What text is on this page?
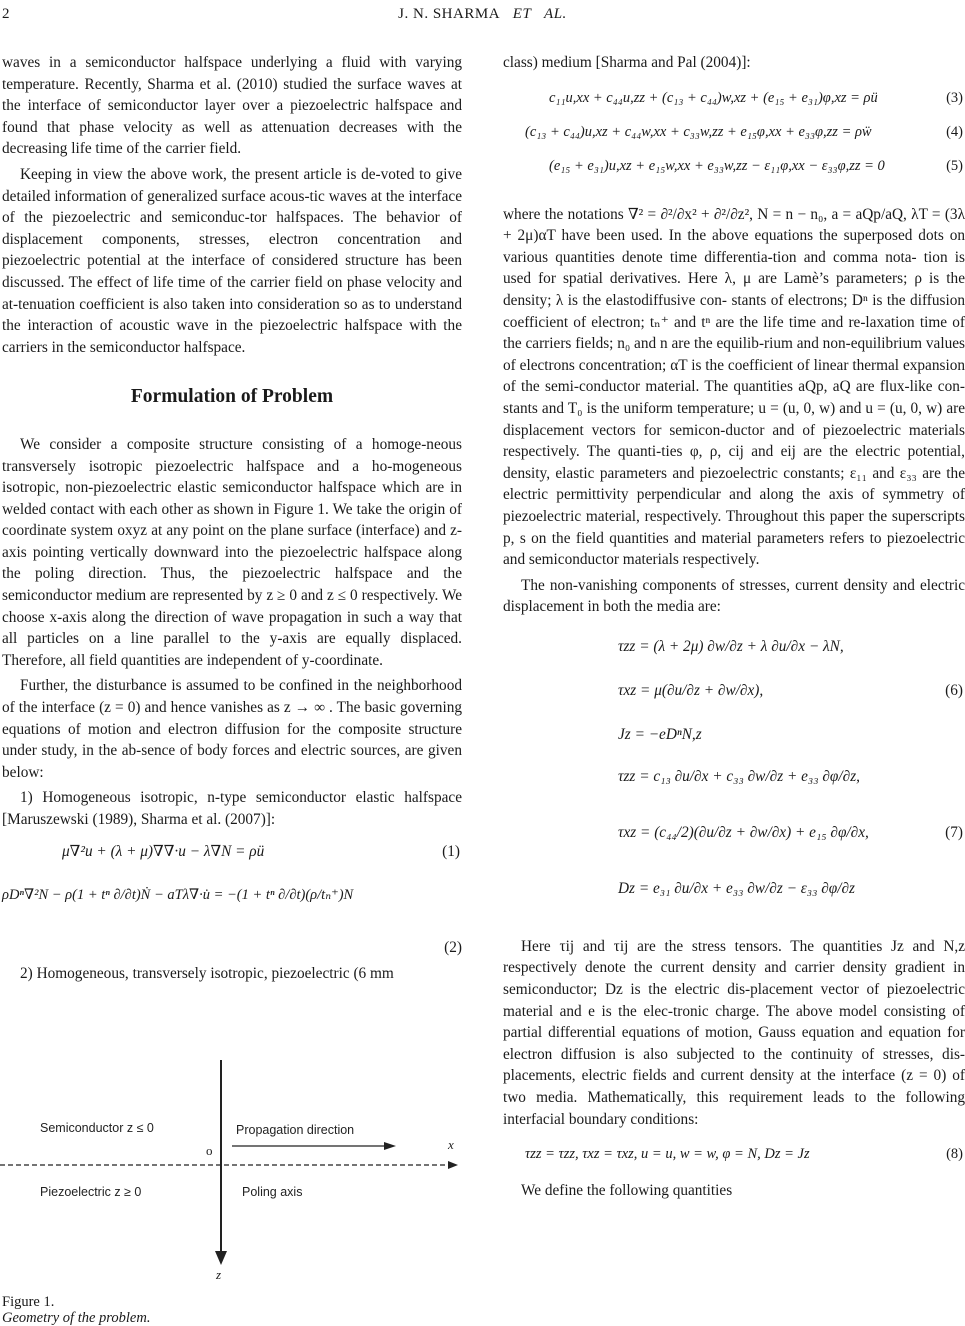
2	J. N. SHARMA ET AL.

waves in a semiconductor halfspace underlying a fluid with varying temperature. Recently, Sharma et al. (2010) studied the surface waves at the interface of semiconductor layer over a piezoelectric halfspace and found that phase velocity as well as attenuation decreases with the decreasing life time of the carrier field.

Keeping in view the above work, the present article is de-voted to give detailed information of generalized surface acous-tic waves at the interface of the piezoelectric and semiconduc-tor halfspaces. The behavior of displacement components, stresses, electron concentration and piezoelectric potential at the interface of considered structure has been discussed. The effect of life time of the carrier field on phase velocity and at-tenuation coefficient is also taken into consideration so as to understand the interaction of acoustic wave in the piezoelectric halfspace with the carriers in the semiconductor halfspace.

Formulation of Problem

We consider a composite structure consisting of a homoge-neous transversely isotropic piezoelectric halfspace and a ho-mogeneous isotropic, non-piezoelectric elastic semiconductor halfspace which are in welded contact with each other as shown in Figure 1. We take the origin of coordinate system oxyz at any point on the plane surface (interface) and z-axis pointing vertically downward into the piezoelectric halfspace along the poling direction. Thus, the piezoelectric halfspace and the semiconductor medium are represented by z ≥ 0 and z ≤ 0 respectively. We choose x-axis along the direction of wave propagation in such a way that all particles on a line parallel to the y-axis are equally displaced. Therefore, all field quantities are independent of y-coordinate.

Further, the disturbance is assumed to be confined in the neighborhood of the interface (z = 0) and hence vanishes as z → ∞ . The basic governing equations of motion and electron diffusion for the composite structure under study, in the ab-sence of body forces and electric sources, are given below:

1) Homogeneous isotropic, n-type semiconductor elastic halfspace [Maruszewski (1989), Sharma et al. (2007)]:

μ∇²u + (λ + μ)∇∇·u − λ∇N = ρü	(1)
ρDⁿ∇²N − ρ(1 + tⁿ ∂/∂t)Ṅ − aTλ∇·u̇ = −(1 + tⁿ ∂/∂t)(ρ/tₙ⁺)N
(2)

2) Homogeneous, transversely isotropic, piezoelectric (6 mm

Semiconductor z ≤ 0	Propagation direction
Piezoelectric z ≥ 0	Poling axis
o	x
z
Figure 1.
Geometry of the problem.

class) medium [Sharma and Pal (2004)]:

c₁₁u,xx + c₄₄u,zz + (c₁₃ + c₄₄)w,xz + (e₁₅ + e₃₁)φ,xz = ρü	(3)
(c₁₃ + c₄₄)u,xz + c₄₄w,xx + c₃₃w,zz + e₁₅φ,xx + e₃₃φ,zz = ρẅ	(4)
(e₁₅ + e₃₁)u,xz + e₁₅w,xx + e₃₃w,zz − ε₁₁φ,xx − ε₃₃φ,zz = 0	(5)

where the notations ∇² = ∂²/∂x² + ∂²/∂z², N = n − n₀, a = aQp/aQ, λT = (3λ + 2μ)αT have been used. In the above equations the superposed dots on various quantities denote time differentia-tion and comma nota- tion is used for spatial derivatives. Here λ, μ are Lamè’s parameters; ρ is the density; λ is the elastodiffusive con- stants of electrons; Dⁿ is the diffusion coefficient of electron; tₙ⁺ and tⁿ are the life time and re-laxation time of the carriers fields; n₀ and n are the equilib-rium and non-equilibrium values of electrons concentration; αT is the coefficient of linear thermal expansion of the semi-conductor material. The quantities aQp, aQ are flux-like con-stants and T₀ is the uniform temperature; u = (u, 0, w) and u = (u, 0, w) are displacement vectors for semicon-ductor and of piezoelectric materials respectively. The quanti-ties φ, ρ, cij and eij are the electric potential, density, elastic parameters and piezoelectric constants; ε₁₁ and ε₃₃ are the electric permittivity perpendicular and along the axis of symmetry of piezoelectric material, respectively. Throughout this paper the superscripts p, s on the field quantities and material parameters refers to piezoelectric and semiconductor materials respectively.

The non-vanishing components of stresses, current density and electric displacement in both the media are:

τzz = (λ + 2μ) ∂w/∂z + λ ∂u/∂x − λN,
τxz = μ(∂u/∂z + ∂w/∂x),
Jz = −eDⁿN,z
(6)
τzz = c₁₃ ∂u/∂x + c₃₃ ∂w/∂z + e₃₃ ∂φ/∂z,
τxz = (c₄₄/2)(∂u/∂z + ∂w/∂x) + e₁₅ ∂φ/∂x,
Dz = e₃₁ ∂u/∂x + e₃₃ ∂w/∂z − ε₃₃ ∂φ/∂z
(7)

Here τij and τij are the stress tensors. The quantities Jz and N,z respectively denote the current density and carrier density gradient in semiconductor; Dz is the electric dis-placement vector of piezoelectric material and e is the elec-tronic charge. The above model consisting of partial differential equations of motion, Gauss equation and equation for electron diffusion is also subjected to the continuity of stresses, dis-placements, electric fields and current density at the interface (z = 0) of two media. Mathematically, this requirement leads to the following interfacial boundary conditions:

τzz = τzz, τxz = τxz, u = u, w = w, φ = N, Dz = Jz	(8)

We define the following quantities
